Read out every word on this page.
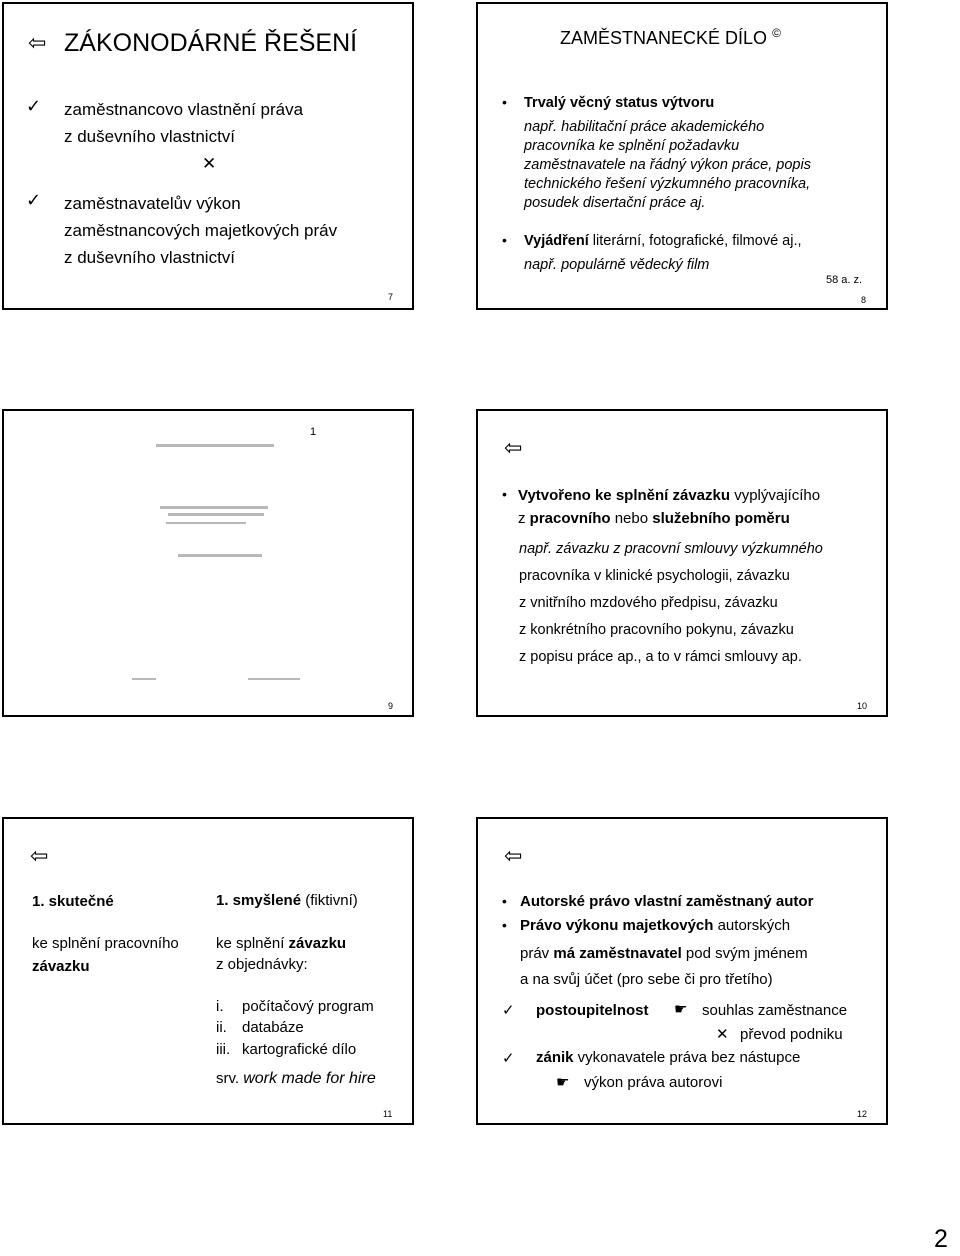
⇦ ZÁKONODÁRNÉ ŘEŠENÍ
✓ zaměstnancovo vlastnění práva
z duševního vlastnictví
✕
✓ zaměstnavatelův výkon
zaměstnancových majetkových práv
z duševního vlastnictví
7
ZAMĚSTNANECKÉ DÍLO ©
• Trvalý věcný status výtvoru
např. habilitační práce akademického
pracovníka ke splnění požadavku
zaměstnavatele na řádný výkon práce, popis
technického řešení výzkumného pracovníka,
posudek disertační práce aj.
• Vyjádření literární, fotografické, filmové aj.,
např. populárně vědecký film
58 a. z.
8
1
9
⇦
• Vytvořeno ke splnění závazku vyplývajícího
z pracovního nebo služebního poměru
např. závazku z pracovní smlouvy výzkumného
pracovníka v klinické psychologii, závazku
z vnitřního mzdového předpisu, závazku
z konkrétního pracovního pokynu, závazku
z popisu práce ap., a to v rámci smlouvy ap.
10
⇦
1. skutečné
ke splnění pracovního
závazku
1. smyšlené (fiktivní)
ke splnění závazku
z objednávky:
i. počítačový program
ii. databáze
iii. kartografické dílo
srv. work made for hire
11
⇦
• Autorské právo vlastní zaměstnaný autor
• Právo výkonu majetkových autorských
práv má zaměstnavatel pod svým jménem
a na svůj účet (pro sebe či pro třetího)
✓ postoupitelnost ☛ souhlas zaměstnance
✕ převod podniku
✓ zánik vykonavatele práva bez nástupce
☛ výkon práva autorovi
12
2
